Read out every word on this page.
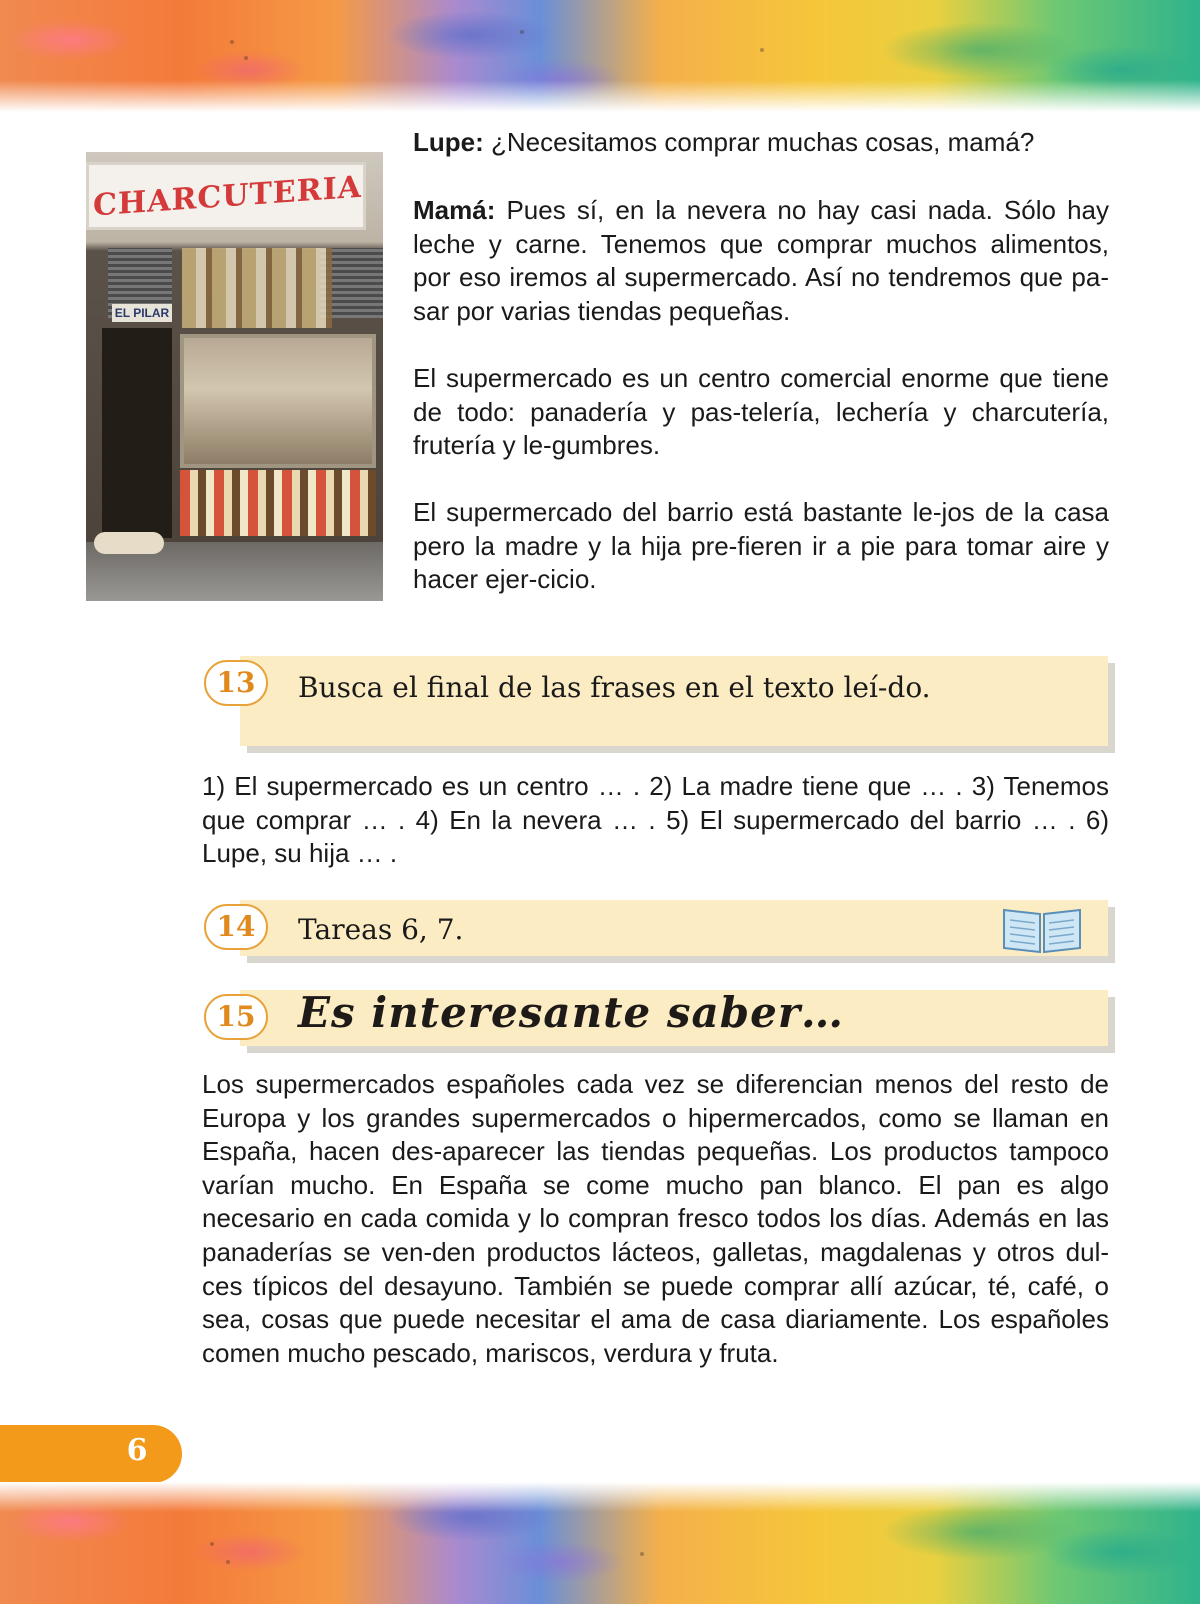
CHARCUTERIA
EL PILAR
Lupe: ¿Necesitamos comprar muchas cosas, mamá?
Mamá: Pues sí, en la nevera no hay casi nada. Sólo hay leche y carne. Tenemos que comprar muchos alimentos, por eso iremos al supermercado. Así no tendremos que pa-sar por varias tiendas pequeñas.
El supermercado es un centro comercial enorme que tiene de todo: panadería y pas-telería, lechería y charcutería, frutería y le-gumbres.
El supermercado del barrio está bastante le-jos de la casa pero la madre y la hija pre-fieren ir a pie para tomar aire y hacer ejer-cicio.
13	Busca el final de las frases en el texto leí-do.
1) El supermercado es un centro … . 2) La madre tiene que … . 3) Tenemos que comprar … . 4) En la nevera … . 5) El supermercado del barrio … . 6) Lupe, su hija … .
14	Tareas 6, 7.
15 Es interesante saber…
Los supermercados españoles cada vez se diferencian menos del resto de Europa y los grandes supermercados o hipermercados, como se llaman en España, hacen des-aparecer las tiendas pequeñas. Los productos tampoco varían mucho. En España se come mucho pan blanco. El pan es algo necesario en cada comida y lo compran fresco todos los días. Además en las panaderías se ven-den productos lácteos, galletas, magdalenas y otros dul-ces típicos del desayuno. También se puede comprar allí azúcar, té, café, o sea, cosas que puede necesitar el ama de casa diariamente. Los españoles comen mucho pescado, mariscos, verdura y fruta.
6
